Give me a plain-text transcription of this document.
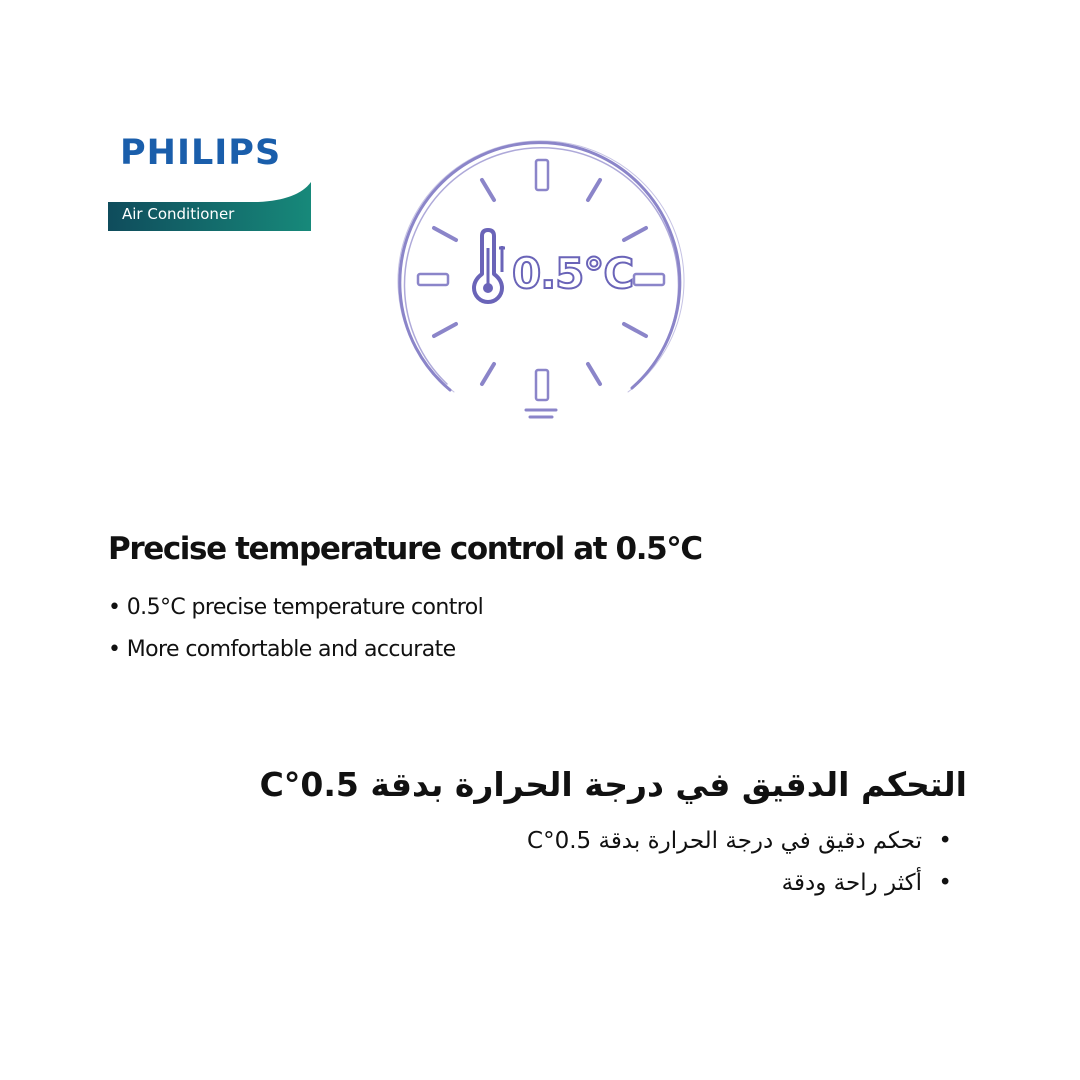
PHILIPS
Air Conditioner
0.5°C
Precise temperature control at 0.5°C
• 0.5°C precise temperature control
• More comfortable and accurate
التحكم الدقيق في درجة الحرارة بدقة 0.5°C
• تحكم دقيق في درجة الحرارة بدقة 0.5°C
• أكثر راحة ودقة
